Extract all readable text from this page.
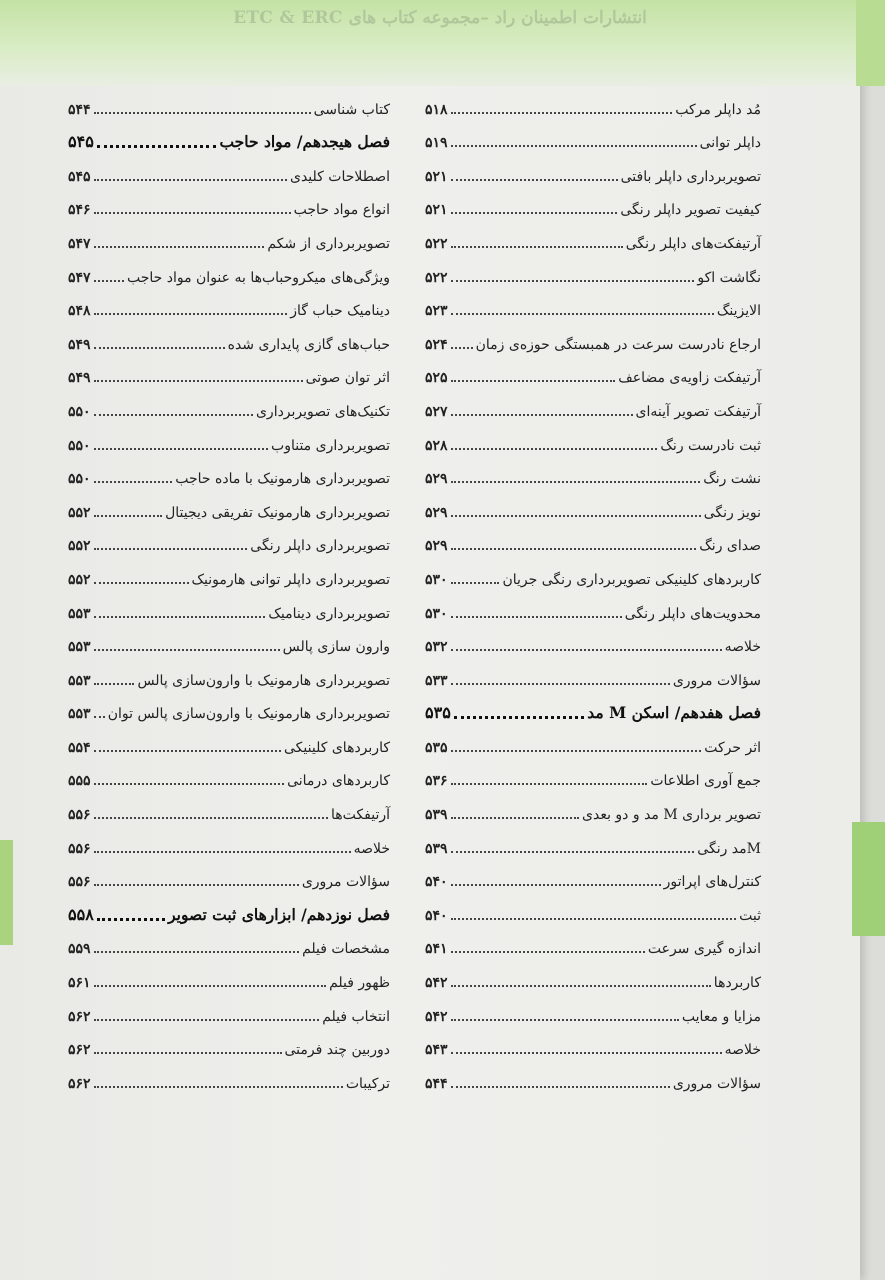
انتشارات اطمینان راد –مجموعه کتاب های ETC & ERC
کتاب شناسی
۵۴۴
فصل هیجدهم/ مواد حاجب
۵۴۵
اصطلاحات کلیدی
۵۴۵
انواع مواد حاجب
۵۴۶
تصویربرداری از شکم
۵۴۷
ویژگی‌های میکروحباب‌ها به عنوان مواد حاجب
۵۴۷
دینامیک حباب گاز
۵۴۸
حباب‌های گازی پایداری شده
۵۴۹
اثر توان صوتی
۵۴۹
تکنیک‌های تصویربرداری
۵۵۰
تصویربرداری متناوب
۵۵۰
تصویربرداری هارمونیک با ماده حاجب
۵۵۰
تصویربرداری هارمونیک تفریقی دیجیتال
۵۵۲
تصویربرداری داپلر رنگی
۵۵۲
تصویربرداری داپلر توانی هارمونیک
۵۵۲
تصویربرداری دینامیک
۵۵۳
وارون سازی پالس
۵۵۳
تصویربرداری هارمونیک با وارون‌سازی پالس
۵۵۳
تصویربرداری هارمونیک با وارون‌سازی پالس توان
۵۵۳
کاربردهای کلینیکی
۵۵۴
کاربردهای درمانی
۵۵۵
آرتیفکت‌ها
۵۵۶
خلاصه
۵۵۶
سؤالات مروری
۵۵۶
فصل نوزدهم/ ابزارهای ثبت تصویر
۵۵۸
مشخصات فیلم
۵۵۹
ظهور فیلم
۵۶۱
انتخاب فیلم
۵۶۲
دوربین چند فرمتی
۵۶۲
ترکیبات
۵۶۲
مُد داپلر مرکب
۵۱۸
داپلر توانی
۵۱۹
تصویربرداری داپلر بافتی
۵۲۱
کیفیت تصویر داپلر رنگی
۵۲۱
آرتیفکت‌های داپلر رنگی
۵۲۲
نگاشت اکو
۵۲۲
الایزینگ
۵۲۳
ارجاع نادرست سرعت در همبستگی حوزه‌ی زمان
۵۲۴
آرتیفکت زاویه‌ی مضاعف
۵۲۵
آرتیفکت تصویر آینه‌ای
۵۲۷
ثبت نادرست رنگ
۵۲۸
نشت رنگ
۵۲۹
نویز رنگی
۵۲۹
صدای رنگ
۵۲۹
کاربردهای کلینیکی تصویربرداری رنگی جریان
۵۳۰
محدویت‌های داپلر رنگی
۵۳۰
خلاصه
۵۳۲
سؤالات مروری
۵۳۳
فصل هفدهم/ اسکن M مد
۵۳۵
اثر حرکت
۵۳۵
جمع آوری اطلاعات
۵۳۶
تصویر برداری M مد و دو بعدی
۵۳۹
Mمد رنگی
۵۳۹
کنترل‌های اپراتور
۵۴۰
ثبت
۵۴۰
اندازه گیری سرعت
۵۴۱
کاربردها
۵۴۲
مزایا و معایب
۵۴۲
خلاصه
۵۴۳
سؤالات مروری
۵۴۴
